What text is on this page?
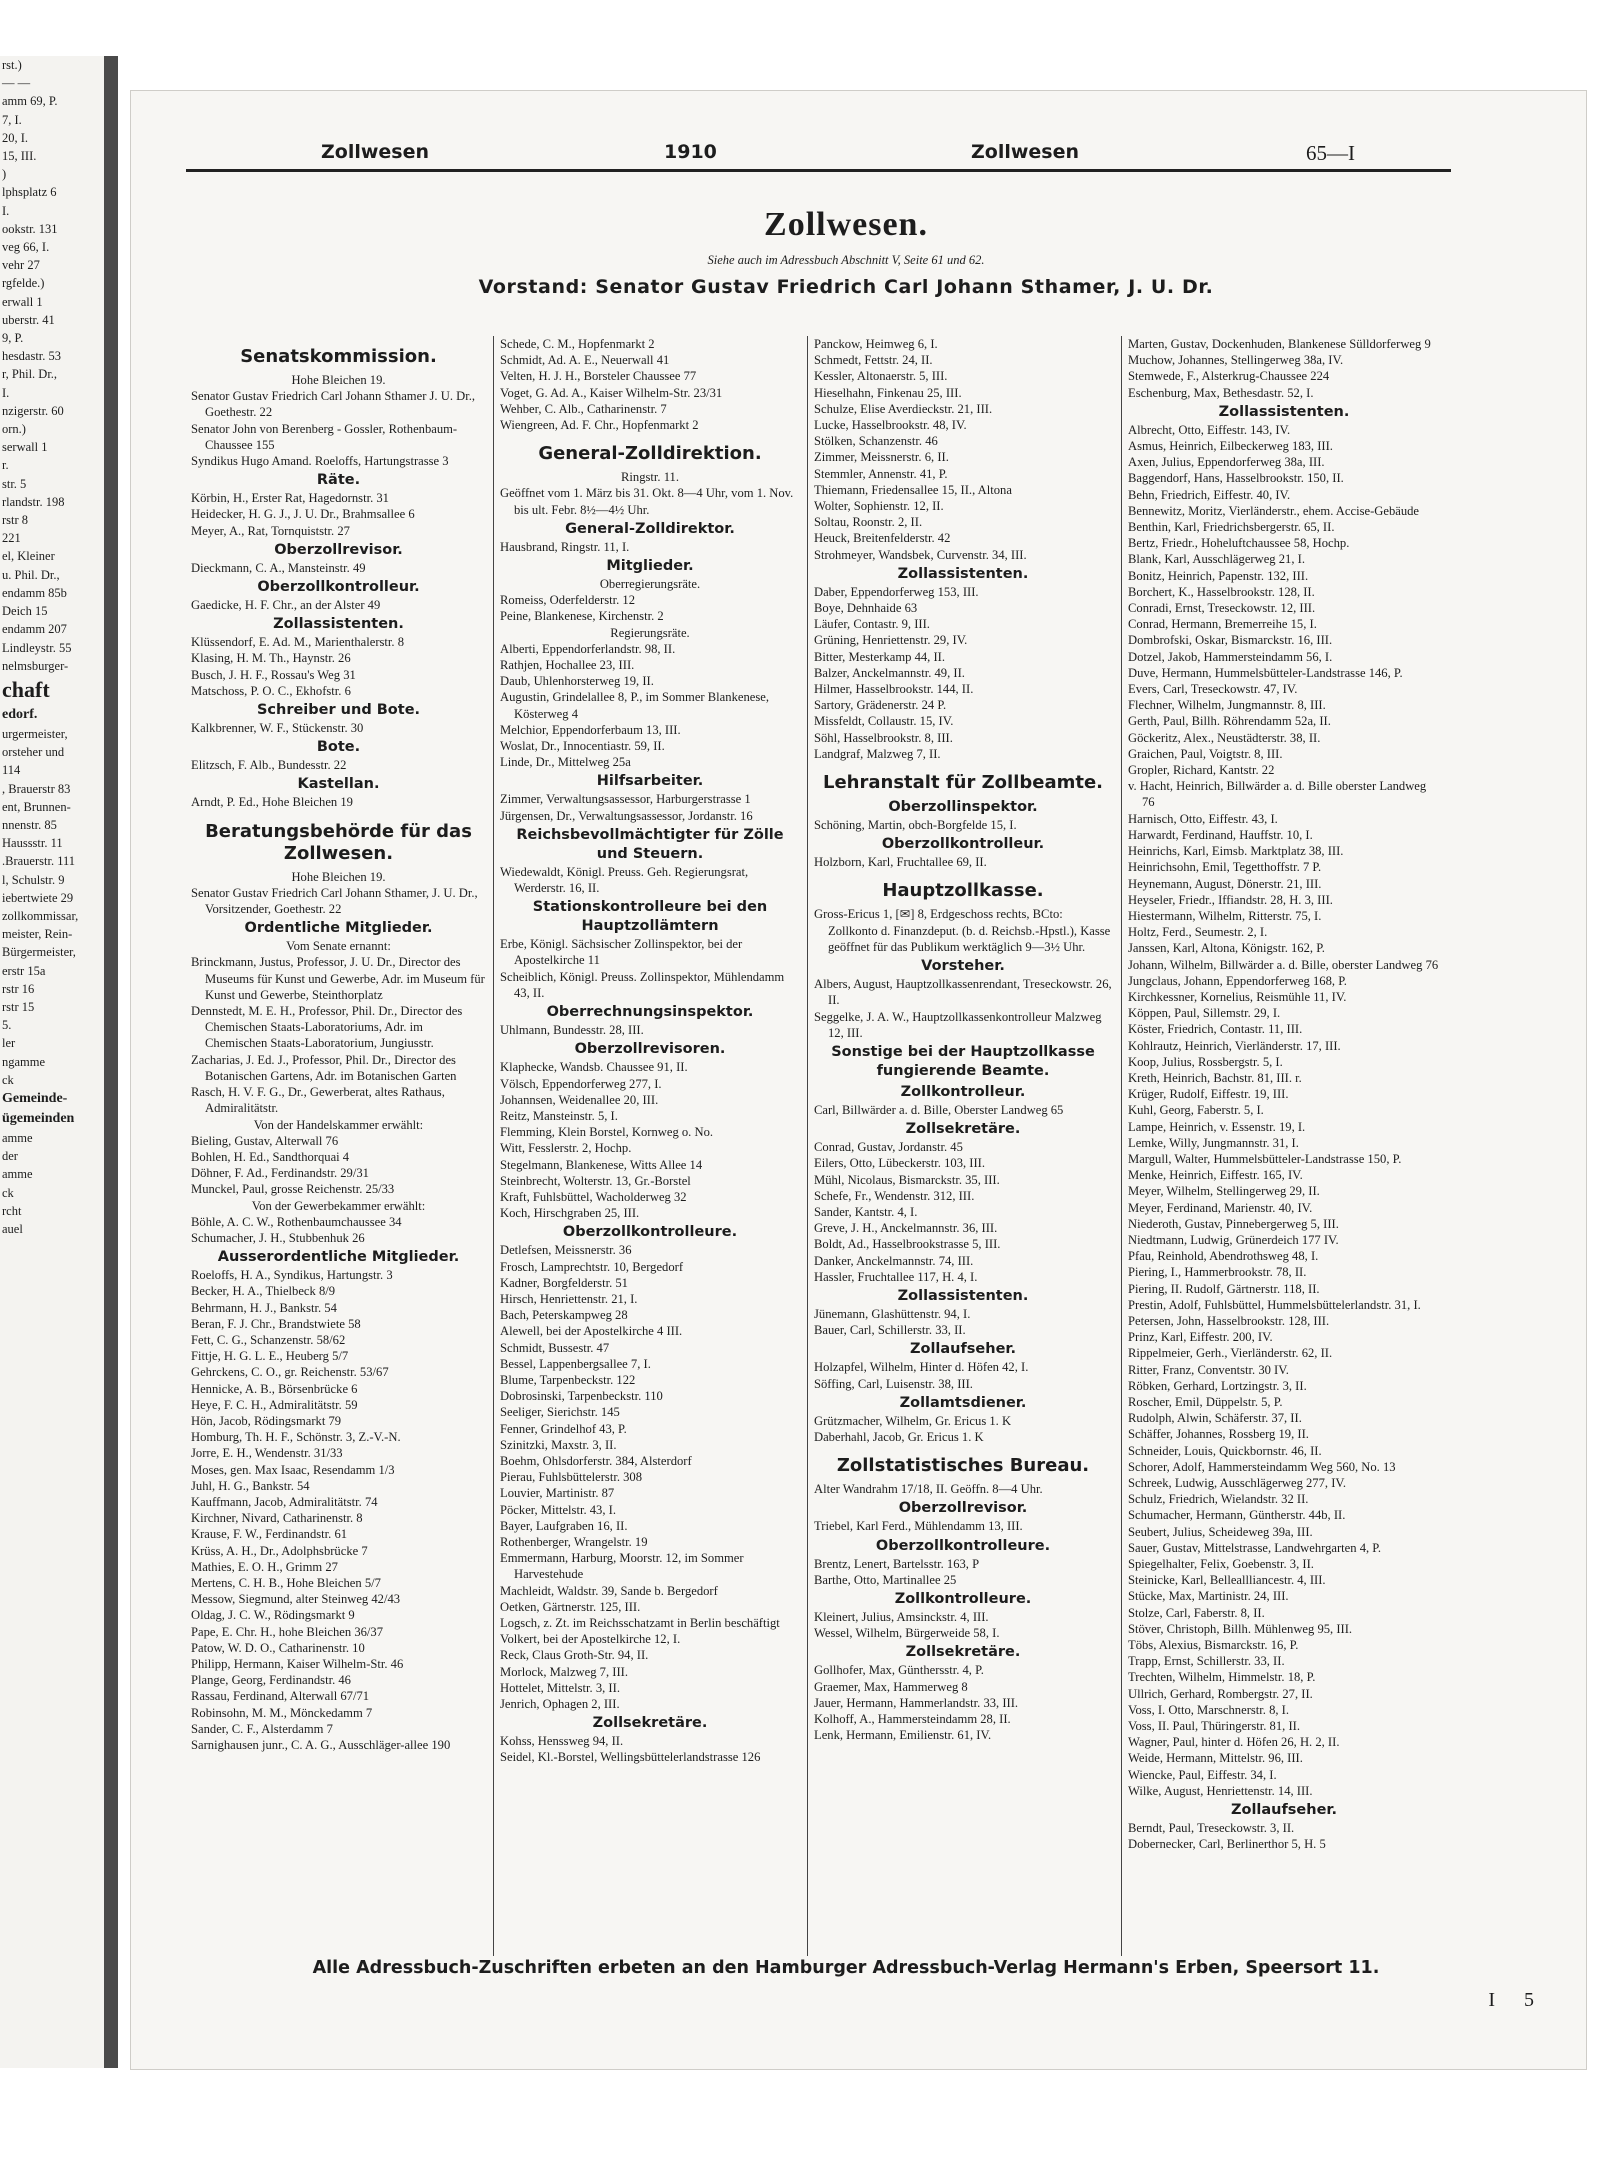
rst.)
— —
amm 69, P.
7, I.
20, I.
15, III.
)
lphsplatz 6
I.
ookstr. 131
veg 66, I.
vehr 27
rgfelde.)
erwall 1
uberstr. 41
9, P.
hesdastr. 53
r, Phil. Dr.,
I.
nzigerstr. 60
orn.)
serwall 1
r.
str. 5
rlandstr. 198
rstr 8
221
el, Kleiner
u. Phil. Dr.,
endamm 85b
Deich 15
endamm 207
Lindleystr. 55
nelmsburger-
chaft
edorf.
urgermeister,
orsteher und
114
, Brauerstr 83
ent, Brunnen-
nnenstr. 85
Haussstr. 11
.Brauerstr. 111
l, Schulstr. 9
iebertwiete 29
zollkommissar,
meister, Rein-
Bürgermeister,
erstr 15a
rstr 16
rstr 15
5.
ler
ngamme
ck
Gemeinde-
ügemeinden
amme
der
amme
ck
rcht
auel
Zollwesen	1910	Zollwesen	65—I
Zollwesen.
Siehe auch im Adressbuch Abschnitt V, Seite 61 und 62.
Vorstand: Senator Gustav Friedrich Carl Johann Sthamer, J. U. Dr.
Senatskommission.
Hohe Bleichen 19.
Senator Gustav Friedrich Carl Johann Sthamer J. U. Dr., Goethestr. 22
Senator John von Berenberg - Gossler, Rothenbaum-Chaussee 155
Syndikus Hugo Amand. Roeloffs, Hartungstrasse 3
Räte.
Körbin, H., Erster Rat, Hagedornstr. 31
Heidecker, H. G. J., J. U. Dr., Brahmsallee 6
Meyer, A., Rat, Tornquiststr. 27
Oberzollrevisor.
Dieckmann, C. A., Mansteinstr. 49
Oberzollkontrolleur.
Gaedicke, H. F. Chr., an der Alster 49
Zollassistenten.
Klüssendorf, E. Ad. M., Marienthalerstr. 8
Klasing, H. M. Th., Haynstr. 26
Busch, J. H. F., Rossau's Weg 31
Matschoss, P. O. C., Ekhofstr. 6
Schreiber und Bote.
Kalkbrenner, W. F., Stückenstr. 30
Bote.
Elitzsch, F. Alb., Bundesstr. 22
Kastellan.
Arndt, P. Ed., Hohe Bleichen 19
Beratungsbehörde für das Zollwesen.
Hohe Bleichen 19.
Senator Gustav Friedrich Carl Johann Sthamer, J. U. Dr., Vorsitzender, Goethestr. 22
Ordentliche Mitglieder.
Vom Senate ernannt:
Brinckmann, Justus, Professor, J. U. Dr., Director des Museums für Kunst und Gewerbe, Adr. im Museum für Kunst und Gewerbe, Steinthorplatz
Dennstedt, M. E. H., Professor, Phil. Dr., Director des Chemischen Staats-Laboratoriums, Adr. im Chemischen Staats-Laboratorium, Jungiusstr.
Zacharias, J. Ed. J., Professor, Phil. Dr., Director des Botanischen Gartens, Adr. im Botanischen Garten
Rasch, H. V. F. G., Dr., Gewerberat, altes Rathaus, Admiralitätstr.
Von der Handelskammer erwählt:
Bieling, Gustav, Alterwall 76
Bohlen, H. Ed., Sandthorquai 4
Döhner, F. Ad., Ferdinandstr. 29/31
Munckel, Paul, grosse Reichenstr. 25/33
Von der Gewerbekammer erwählt:
Böhle, A. C. W., Rothenbaumchaussee 34
Schumacher, J. H., Stubbenhuk 26
Ausserordentliche Mitglieder.
Roeloffs, H. A., Syndikus, Hartungstr. 3
Becker, H. A., Thielbeck 8/9
Behrmann, H. J., Bankstr. 54
Beran, F. J. Chr., Brandstwiete 58
Fett, C. G., Schanzenstr. 58/62
Fittje, H. G. L. E., Heuberg 5/7
Gehrckens, C. O., gr. Reichenstr. 53/67
Hennicke, A. B., Börsenbrücke 6
Heye, F. C. H., Admiralitätstr. 59
Hön, Jacob, Rödingsmarkt 79
Homburg, Th. H. F., Schönstr. 3, Z.-V.-N.
Jorre, E. H., Wendenstr. 31/33
Moses, gen. Max Isaac, Resendamm 1/3
Juhl, H. G., Bankstr. 54
Kauffmann, Jacob, Admiralitätstr. 74
Kirchner, Nivard, Catharinenstr. 8
Krause, F. W., Ferdinandstr. 61
Krüss, A. H., Dr., Adolphsbrücke 7
Mathies, E. O. H., Grimm 27
Mertens, C. H. B., Hohe Bleichen 5/7
Messow, Siegmund, alter Steinweg 42/43
Oldag, J. C. W., Rödingsmarkt 9
Pape, E. Chr. H., hohe Bleichen 36/37
Patow, W. D. O., Catharinenstr. 10
Philipp, Hermann, Kaiser Wilhelm-Str. 46
Plange, Georg, Ferdinandstr. 46
Rassau, Ferdinand, Alterwall 67/71
Robinsohn, M. M., Mönckedamm 7
Sander, C. F., Alsterdamm 7
Sarnighausen junr., C. A. G., Ausschläger-allee 190
Schede, C. M., Hopfenmarkt 2
Schmidt, Ad. A. E., Neuerwall 41
Velten, H. J. H., Borsteler Chaussee 77
Voget, G. Ad. A., Kaiser Wilhelm-Str. 23/31
Wehber, C. Alb., Catharinenstr. 7
Wiengreen, Ad. F. Chr., Hopfenmarkt 2
General-Zolldirektion.
Ringstr. 11.
Geöffnet vom 1. März bis 31. Okt. 8—4 Uhr, vom 1. Nov. bis ult. Febr. 8½—4½ Uhr.
General-Zolldirektor.
Hausbrand, Ringstr. 11, I.
Mitglieder.
Oberregierungsräte.
Romeiss, Oderfelderstr. 12
Peine, Blankenese, Kirchenstr. 2
Regierungsräte.
Alberti, Eppendorferlandstr. 98, II.
Rathjen, Hochallee 23, III.
Daub, Uhlenhorsterweg 19, II.
Augustin, Grindelallee 8, P., im Sommer Blankenese, Kösterweg 4
Melchior, Eppendorferbaum 13, III.
Woslat, Dr., Innocentiastr. 59, II.
Linde, Dr., Mittelweg 25a
Hilfsarbeiter.
Zimmer, Verwaltungsassessor, Harburgerstrasse 1
Jürgensen, Dr., Verwaltungsassessor, Jordanstr. 16
Reichsbevollmächtigter für Zölle und Steuern.
Wiedewaldt, Königl. Preuss. Geh. Regierungsrat, Werderstr. 16, II.
Stationskontrolleure bei den Hauptzollämtern
Erbe, Königl. Sächsischer Zollinspektor, bei der Apostelkirche 11
Scheiblich, Königl. Preuss. Zollinspektor, Mühlendamm 43, II.
Oberrechnungsinspektor.
Uhlmann, Bundesstr. 28, III.
Oberzollrevisoren.
Klaphecke, Wandsb. Chaussee 91, II.
Völsch, Eppendorferweg 277, I.
Johannsen, Weidenallee 20, III.
Reitz, Mansteinstr. 5, I.
Flemming, Klein Borstel, Kornweg o. No.
Witt, Fesslerstr. 2, Hochp.
Stegelmann, Blankenese, Witts Allee 14
Steinbrecht, Wolterstr. 13, Gr.-Borstel
Kraft, Fuhlsbüttel, Wacholderweg 32
Koch, Hirschgraben 25, III.
Oberzollkontrolleure.
Detlefsen, Meissnerstr. 36
Frosch, Lamprechtstr. 10, Bergedorf
Kadner, Borgfelderstr. 51
Hirsch, Henriettenstr. 21, I.
Bach, Peterskampweg 28
Alewell, bei der Apostelkirche 4 III.
Schmidt, Bussestr. 47
Bessel, Lappenbergsallee 7, I.
Blume, Tarpenbeckstr. 122
Dobrosinski, Tarpenbeckstr. 110
Seeliger, Sierichstr. 145
Fenner, Grindelhof 43, P.
Szinitzki, Maxstr. 3, II.
Boehm, Ohlsdorferstr. 384, Alsterdorf
Pierau, Fuhlsbüttelerstr. 308
Louvier, Martinistr. 87
Pöcker, Mittelstr. 43, I.
Bayer, Laufgraben 16, II.
Rothenberger, Wrangelstr. 19
Emmermann, Harburg, Moorstr. 12, im Sommer Harvestehude
Machleidt, Waldstr. 39, Sande b. Bergedorf
Oetken, Gärtnerstr. 125, III.
Logsch, z. Zt. im Reichsschatzamt in Berlin beschäftigt
Volkert, bei der Apostelkirche 12, I.
Reck, Claus Groth-Str. 94, II.
Morlock, Malzweg 7, III.
Hottelet, Mittelstr. 3, II.
Jenrich, Ophagen 2, III.
Zollsekretäre.
Kohss, Henssweg 94, II.
Seidel, Kl.-Borstel, Wellingsbüttelerlandstrasse 126
Panckow, Heimweg 6, I.
Schmedt, Fettstr. 24, II.
Kessler, Altonaerstr. 5, III.
Hieselhahn, Finkenau 25, III.
Schulze, Elise Averdieckstr. 21, III.
Lucke, Hasselbrookstr. 48, IV.
Stölken, Schanzenstr. 46
Zimmer, Meissnerstr. 6, II.
Stemmler, Annenstr. 41, P.
Thiemann, Friedensallee 15, II., Altona
Wolter, Sophienstr. 12, II.
Soltau, Roonstr. 2, II.
Heuck, Breitenfelderstr. 42
Strohmeyer, Wandsbek, Curvenstr. 34, III.
Zollassistenten.
Daber, Eppendorferweg 153, III.
Boye, Dehnhaide 63
Läufer, Contastr. 9, III.
Grüning, Henriettenstr. 29, IV.
Bitter, Mesterkamp 44, II.
Balzer, Anckelmannstr. 49, II.
Hilmer, Hasselbrookstr. 144, II.
Sartory, Grädenerstr. 24 P.
Missfeldt, Collaustr. 15, IV.
Söhl, Hasselbrookstr. 8, III.
Landgraf, Malzweg 7, II.
Lehranstalt für Zollbeamte.
Oberzollinspektor.
Schöning, Martin, obch-Borgfelde 15, I.
Oberzollkontrolleur.
Holzborn, Karl, Fruchtallee 69, II.
Hauptzollkasse.
Gross-Ericus 1, [✉] 8, Erdgeschoss rechts, BCto: Zollkonto d. Finanzdeput. (b. d. Reichsb.-Hpstl.), Kasse geöffnet für das Publikum werktäglich 9—3½ Uhr.
Vorsteher.
Albers, August, Hauptzollkassenrendant, Treseckowstr. 26, II.
Seggelke, J. A. W., Hauptzollkassenkontrolleur Malzweg 12, III.
Sonstige bei der Hauptzollkasse fungierende Beamte.
Zollkontrolleur.
Carl, Billwärder a. d. Bille, Oberster Landweg 65
Zollsekretäre.
Conrad, Gustav, Jordanstr. 45
Eilers, Otto, Lübeckerstr. 103, III.
Mühl, Nicolaus, Bismarckstr. 35, III.
Schefe, Fr., Wendenstr. 312, III.
Sander, Kantstr. 4, I.
Greve, J. H., Anckelmannstr. 36, III.
Boldt, Ad., Hasselbrookstrasse 5, III.
Danker, Anckelmannstr. 74, III.
Hassler, Fruchtallee 117, H. 4, I.
Zollassistenten.
Jünemann, Glashüttenstr. 94, I.
Bauer, Carl, Schillerstr. 33, II.
Zollaufseher.
Holzapfel, Wilhelm, Hinter d. Höfen 42, I.
Söffing, Carl, Luisenstr. 38, III.
Zollamtsdiener.
Grützmacher, Wilhelm, Gr. Ericus 1. K
Daberhahl, Jacob, Gr. Ericus 1. K
Zollstatistisches Bureau.
Alter Wandrahm 17/18, II. Geöffn. 8—4 Uhr.
Oberzollrevisor.
Triebel, Karl Ferd., Mühlendamm 13, III.
Oberzollkontrolleure.
Brentz, Lenert, Bartelsstr. 163, P
Barthe, Otto, Martinallee 25
Zollkontrolleure.
Kleinert, Julius, Amsinckstr. 4, III.
Wessel, Wilhelm, Bürgerweide 58, I.
Zollsekretäre.
Gollhofer, Max, Günthersstr. 4, P.
Graemer, Max, Hammerweg 8
Jauer, Hermann, Hammerlandstr. 33, III.
Kolhoff, A., Hammersteindamm 28, II.
Lenk, Hermann, Emilienstr. 61, IV.
Marten, Gustav, Dockenhuden, Blankenese Sülldorferweg 9
Muchow, Johannes, Stellingerweg 38a, IV.
Stemwede, F., Alsterkrug-Chaussee 224
Eschenburg, Max, Bethesdastr. 52, I.
Zollassistenten.
Albrecht, Otto, Eiffestr. 143, IV.
Asmus, Heinrich, Eilbeckerweg 183, III.
Axen, Julius, Eppendorferweg 38a, III.
Baggendorf, Hans, Hasselbrookstr. 150, II.
Behn, Friedrich, Eiffestr. 40, IV.
Bennewitz, Moritz, Vierländerstr., ehem. Accise-Gebäude
Benthin, Karl, Friedrichsbergerstr. 65, II.
Bertz, Friedr., Hoheluftchaussee 58, Hochp.
Blank, Karl, Ausschlägerweg 21, I.
Bonitz, Heinrich, Papenstr. 132, III.
Borchert, K., Hasselbrookstr. 128, II.
Conradi, Ernst, Treseckowstr. 12, III.
Conrad, Hermann, Bremerreihe 15, I.
Dombrofski, Oskar, Bismarckstr. 16, III.
Dotzel, Jakob, Hammersteindamm 56, I.
Duve, Hermann, Hummelsbütteler-Landstrasse 146, P.
Evers, Carl, Treseckowstr. 47, IV.
Flechner, Wilhelm, Jungmannstr. 8, III.
Gerth, Paul, Billh. Röhrendamm 52a, II.
Göckeritz, Alex., Neustädterstr. 38, II.
Graichen, Paul, Voigtstr. 8, III.
Gropler, Richard, Kantstr. 22
v. Hacht, Heinrich, Billwärder a. d. Bille oberster Landweg 76
Harnisch, Otto, Eiffestr. 43, I.
Harwardt, Ferdinand, Hauffstr. 10, I.
Heinrichs, Karl, Eimsb. Marktplatz 38, III.
Heinrichsohn, Emil, Tegetthoffstr. 7 P.
Heynemann, August, Dönerstr. 21, III.
Heyseler, Friedr., Iffiandstr. 28, H. 3, III.
Hiestermann, Wilhelm, Ritterstr. 75, I.
Holtz, Ferd., Seumestr. 2, I.
Janssen, Karl, Altona, Königstr. 162, P.
Johann, Wilhelm, Billwärder a. d. Bille, oberster Landweg 76
Jungclaus, Johann, Eppendorferweg 168, P.
Kirchkessner, Kornelius, Reismühle 11, IV.
Köppen, Paul, Sillemstr. 29, I.
Köster, Friedrich, Contastr. 11, III.
Kohlrautz, Heinrich, Vierländerstr. 17, III.
Koop, Julius, Rossbergstr. 5, I.
Kreth, Heinrich, Bachstr. 81, III. r.
Krüger, Rudolf, Eiffestr. 19, III.
Kuhl, Georg, Faberstr. 5, I.
Lampe, Heinrich, v. Essenstr. 19, I.
Lemke, Willy, Jungmannstr. 31, I.
Margull, Walter, Hummelsbütteler-Landstrasse 150, P.
Menke, Heinrich, Eiffestr. 165, IV.
Meyer, Wilhelm, Stellingerweg 29, II.
Meyer, Ferdinand, Marienstr. 40, IV.
Niederoth, Gustav, Pinnebergerweg 5, III.
Niedtmann, Ludwig, Grünerdeich 177 IV.
Pfau, Reinhold, Abendrothsweg 48, I.
Piering, I., Hammerbrookstr. 78, II.
Piering, II. Rudolf, Gärtnerstr. 118, II.
Prestin, Adolf, Fuhlsbüttel, Hummelsbüttelerlandstr. 31, I.
Petersen, John, Hasselbrookstr. 128, III.
Prinz, Karl, Eiffestr. 200, IV.
Rippelmeier, Gerh., Vierländerstr. 62, II.
Ritter, Franz, Conventstr. 30 IV.
Röbken, Gerhard, Lortzingstr. 3, II.
Roscher, Emil, Düppelstr. 5, P.
Rudolph, Alwin, Schäferstr. 37, II.
Schäffer, Johannes, Rossberg 19, II.
Schneider, Louis, Quickbornstr. 46, II.
Schorer, Adolf, Hammersteindamm Weg 560, No. 13
Schreek, Ludwig, Ausschlägerweg 277, IV.
Schulz, Friedrich, Wielandstr. 32 II.
Schumacher, Hermann, Güntherstr. 44b, II.
Seubert, Julius, Scheideweg 39a, III.
Sauer, Gustav, Mittelstrasse, Landwehrgarten 4, P.
Spiegelhalter, Felix, Goebenstr. 3, II.
Steinicke, Karl, Belleallliancestr. 4, III.
Stücke, Max, Martinistr. 24, III.
Stolze, Carl, Faberstr. 8, II.
Stöver, Christoph, Billh. Mühlenweg 95, III.
Töbs, Alexius, Bismarckstr. 16, P.
Trapp, Ernst, Schillerstr. 33, II.
Trechten, Wilhelm, Himmelstr. 18, P.
Ullrich, Gerhard, Rombergstr. 27, II.
Voss, I. Otto, Marschnerstr. 8, I.
Voss, II. Paul, Thüringerstr. 81, II.
Wagner, Paul, hinter d. Höfen 26, H. 2, II.
Weide, Hermann, Mittelstr. 96, III.
Wiencke, Paul, Eiffestr. 34, I.
Wilke, August, Henriettenstr. 14, III.
Zollaufseher.
Berndt, Paul, Treseckowstr. 3, II.
Dobernecker, Carl, Berlinerthor 5, H. 5
Alle Adressbuch-Zuschriften erbeten an den Hamburger Adressbuch-Verlag Hermann's Erben, Speersort 11.
I 5
